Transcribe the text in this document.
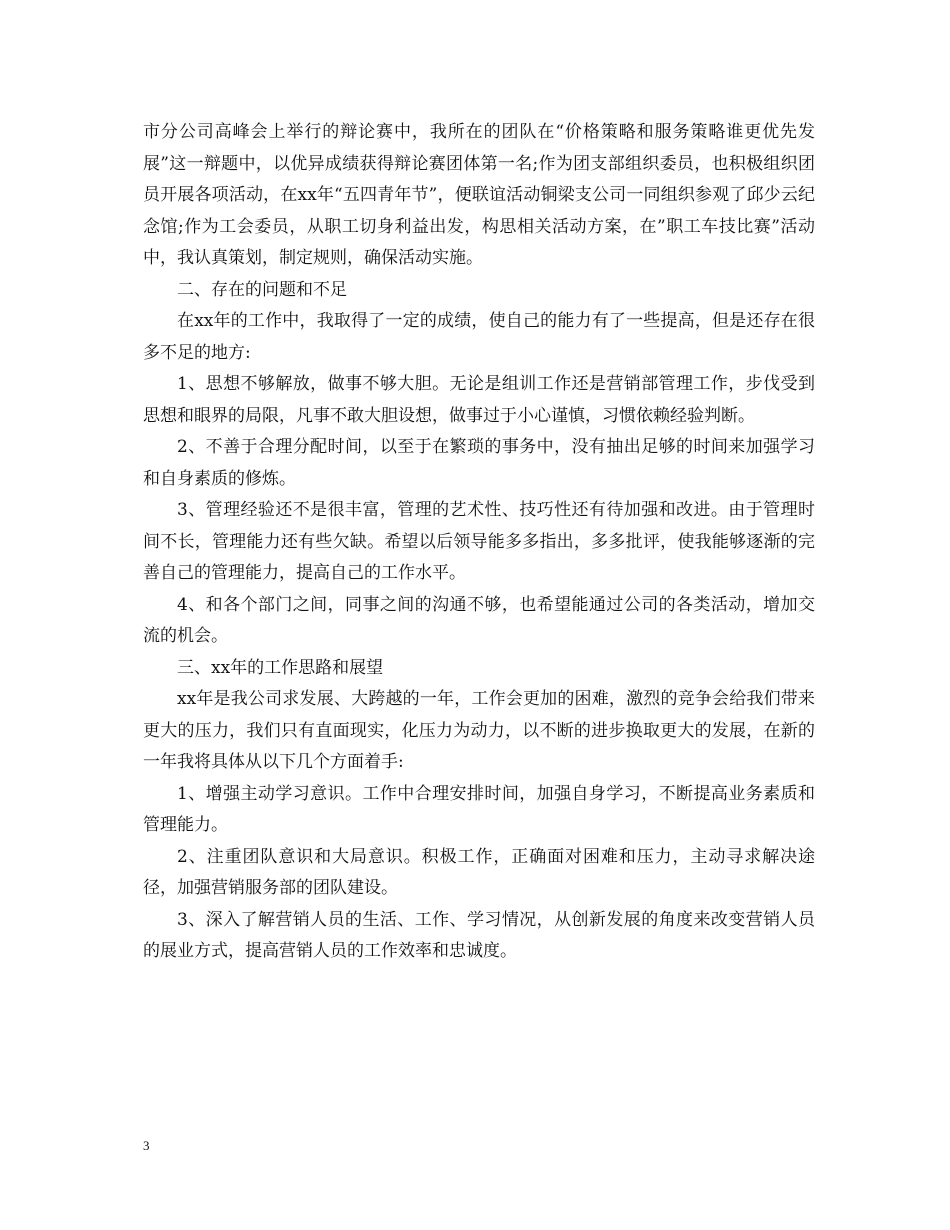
市分公司高峰会上举行的辩论赛中，我所在的团队在“价格策略和服务策略谁更优先发展”这一辩题中，以优异成绩获得辩论赛团体第一名;作为团支部组织委员，也积极组织团员开展各项活动，在xx年“五四青年节”，便联谊活动铜梁支公司一同组织参观了邱少云纪念馆;作为工会委员，从职工切身利益出发，构思相关活动方案，在”职工车技比赛”活动中，我认真策划，制定规则，确保活动实施。

二、存在的问题和不足

在xx年的工作中，我取得了一定的成绩，使自己的能力有了一些提高，但是还存在很多不足的地方:

1、思想不够解放，做事不够大胆。无论是组训工作还是营销部管理工作，步伐受到思想和眼界的局限，凡事不敢大胆设想，做事过于小心谨慎，习惯依赖经验判断。

2、不善于合理分配时间，以至于在繁琐的事务中，没有抽出足够的时间来加强学习和自身素质的修炼。

3、管理经验还不是很丰富，管理的艺术性、技巧性还有待加强和改进。由于管理时间不长，管理能力还有些欠缺。希望以后领导能多多指出，多多批评，使我能够逐渐的完善自己的管理能力，提高自己的工作水平。

4、和各个部门之间，同事之间的沟通不够，也希望能通过公司的各类活动，增加交流的机会。

三、xx年的工作思路和展望

xx年是我公司求发展、大跨越的一年，工作会更加的困难，激烈的竞争会给我们带来更大的压力，我们只有直面现实，化压力为动力，以不断的进步换取更大的发展，在新的一年我将具体从以下几个方面着手:

1、增强主动学习意识。工作中合理安排时间，加强自身学习，不断提高业务素质和管理能力。

2、注重团队意识和大局意识。积极工作，正确面对困难和压力，主动寻求解决途径，加强营销服务部的团队建设。

3、深入了解营销人员的生活、工作、学习情况，从创新发展的角度来改变营销人员的展业方式，提高营销人员的工作效率和忠诚度。

3
